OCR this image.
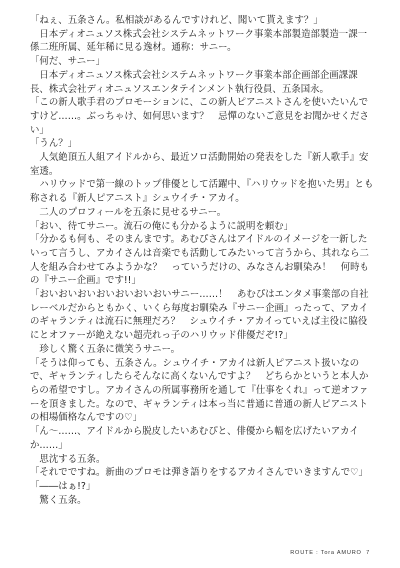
「ねぇ、五条さん。私相談があるんですけれど、聞いて貰えます？」

　日本ディオニュソス株式会社システムネットワーク事業本部製造部製造一課一係二班所属、延年稀に見る逸材。通称：サニー。

「何だ、サニー」

　日本ディオニュソス株式会社システムネットワーク事業本部企画部企画課課長、株式会社ディオニュソスエンタテインメント執行役員、五条国永。

「この新人歌手君のプロモーションに、この新人ピアニストさんを使いたいんですけど……。ぶっちゃけ、如何思います？　忌憚のないご意見をお聞かせください」

「うん？」

　人気絶頂五人組アイドルから、最近ソロ活動開始の発表をした『新人歌手』安室透。

　ハリウッドで第一線のトップ俳優として活躍中、『ハリウッドを抱いた男』とも称される『新人ピアニスト』シュウイチ・アカイ。

　二人のプロフィールを五条に見せるサニー。

「おい、待てサニー。流石の俺にも分かるように説明を頼む」

「分かるも何も、そのまんまです。あむぴさんはアイドルのイメージを一新したいって言うし、アカイさんは音楽でも活動してみたいって言うから、其れなら二人を組み合わせてみようかな？　っていうだけの、みなさんお馴染み！　何時もの『サニー企画』です!!」

「おいおいおいおいおいおいおいサニー……！　あむぴはエンタメ事業部の自社レーベルだからともかく、いくら毎度お馴染み『サニー企画』ったって、アカイのギャランティは流石に無理だろ？　シュウイチ・アカイっていえば主役に脇役にとオファーが絶えない超売れっ子のハリウッド俳優だぞ!?」

　珍しく驚く五条に微笑うサニー。

「そうは仰っても、五条さん。シュウイチ・アカイは新人ピアニスト扱いなので、ギャランティしたらそんなに高くないんですよ？　どちらかというと本人からの希望ですし。アカイさんの所属事務所を通して『仕事をくれ』って逆オファーを頂きました。なので、ギャランティは本っ当に普通に普通の新人ピアニストの相場価格なんですの♡」

「ん～……、アイドルから脱皮したいあむぴと、俳優から幅を広げたいアカイか……」

　思沈する五条。

「それでですね。新曲のプロモは弾き語りをするアカイさんでいきますんで♡」

「――はぁ!?」

　驚く五条。

ROUTE : Tora AMURO 7
